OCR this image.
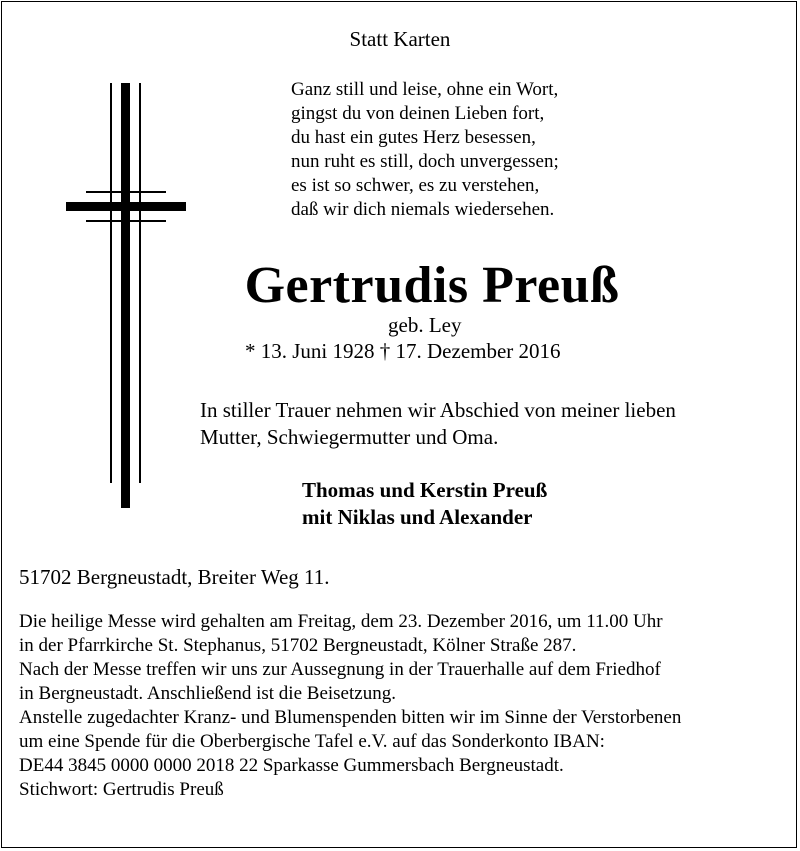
Statt Karten
Ganz still und leise, ohne ein Wort,
gingst du von deinen Lieben fort,
du hast ein gutes Herz besessen,
nun ruht es still, doch unvergessen;
es ist so schwer, es zu verstehen,
daß wir dich niemals wiedersehen.
Gertrudis Preuß
geb. Ley
* 13. Juni 1928 † 17. Dezember 2016
In stiller Trauer nehmen wir Abschied von meiner lieben
Mutter, Schwiegermutter und Oma.
Thomas und Kerstin Preuß
mit Niklas und Alexander
51702 Bergneustadt, Breiter Weg 11.
Die heilige Messe wird gehalten am Freitag, dem 23. Dezember 2016, um 11.00 Uhr
in der Pfarrkirche St. Stephanus, 51702 Bergneustadt, Kölner Straße 287.
Nach der Messe treffen wir uns zur Aussegnung in der Trauerhalle auf dem Friedhof
in Bergneustadt. Anschließend ist die Beisetzung.
Anstelle zugedachter Kranz- und Blumenspenden bitten wir im Sinne der Verstorbenen
um eine Spende für die Oberbergische Tafel e.V. auf das Sonderkonto IBAN:
DE44 3845 0000 0000 2018 22 Sparkasse Gummersbach Bergneustadt.
Stichwort: Gertrudis Preuß
